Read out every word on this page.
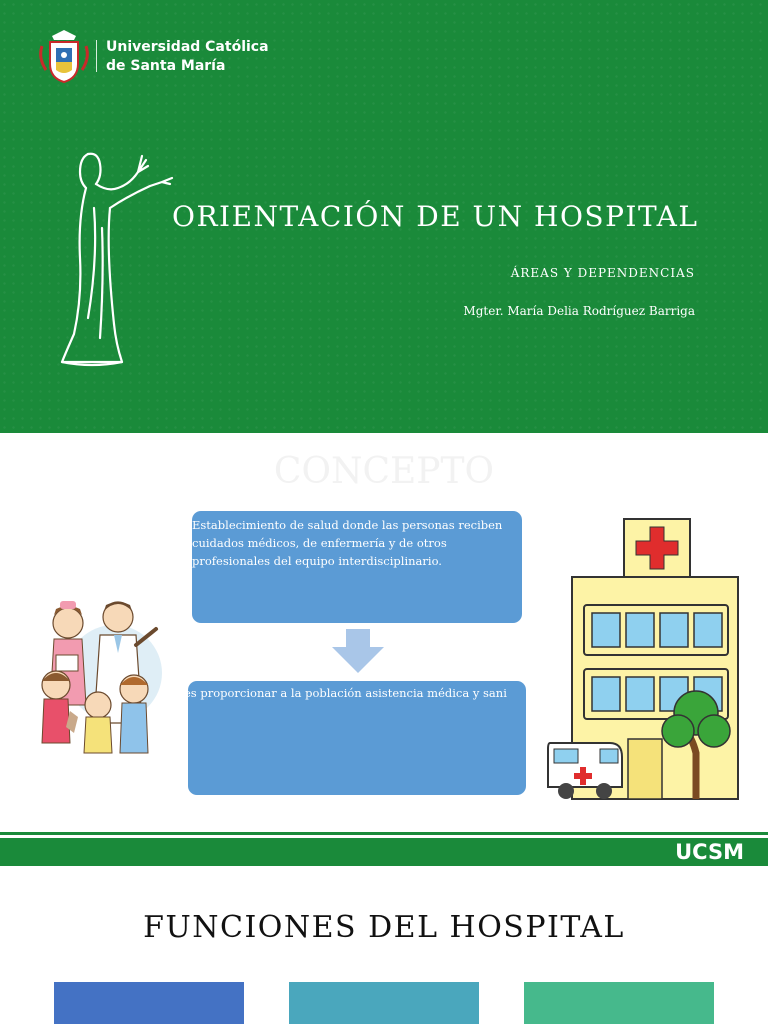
Universidad Católica
de Santa María
ORIENTACIÓN DE UN HOSPITAL
ÁREAS Y DEPENDENCIAS
Mgter. María Delia Rodríguez Barriga
CONCEPTO
Establecimiento de salud donde las personas reciben cuidados médicos, de enfermería y de otros profesionales del equipo interdisciplinario.
es proporcionar a la población asistencia médica y sani
UCSM
FUNCIONES DEL HOSPITAL
